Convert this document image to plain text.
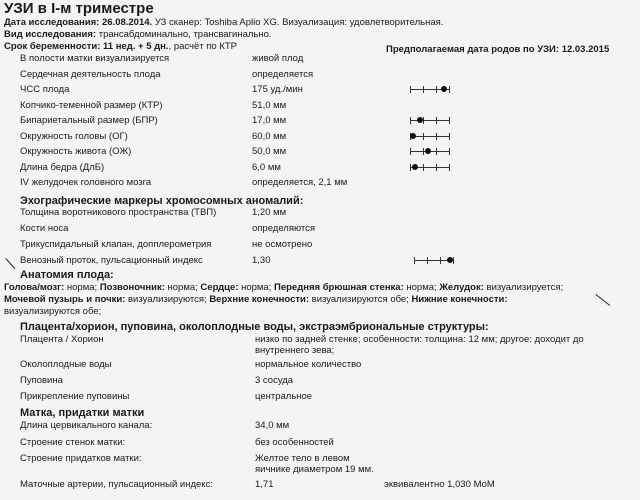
УЗИ в I-м триместре
Дата исследования: 26.08.2014. УЗ сканер: Toshiba Aplio XG. Визуализация: удовлетворительная.
Вид исследования: трансабдоминально, трансвагинально.
Срок беременности: 11 нед. + 5 дн., расчёт по КТР	Предполагаемая дата родов по УЗИ: 12.03.2015
В полости матки визуализируется	живой плод
Сердечная деятельность плода	определяется
ЧСС плода	175 уд./мин
Копчико-теменной размер (КТР)	51,0 мм
Бипариетальный размер (БПР)	17,0 мм
Окружность головы (ОГ)	60,0 мм
Окружность живота (ОЖ)	50,0 мм
Длина бедра (ДлБ)	6,0 мм
IV желудочек головного мозга	определяется, 2,1 мм
Эхографические маркеры хромосомных аномалий:
Толщина воротникового пространства (ТВП)	1,20 мм
Кости носа	определяются
Трикуспидальный клапан, допплерометрия	не осмотрено
Венозный проток, пульсационный индекс	1,30
Анатомия плода:
Голова/мозг: норма; Позвоночник: норма; Сердце: норма; Передняя брюшная стенка: норма; Желудок: визуализируется;
Мочевой пузырь и почки: визуализируются; Верхние конечности: визуализируются обе; Нижние конечности:
визуализируются обе;
Плацента/хорион, пуповина, околоплодные воды, экстраэмбриональные структуры:
Плацента / Хорион	низко по задней стенке; особенности: толщина: 12 мм; другое: доходит до
внутреннего зева;
Околоплодные воды	нормальное количество
Пуповина	3 сосуда
Прикрепление пуповины	центральное
Матка, придатки матки
Длина цервикального канала:	34,0 мм
Строение стенок матки:	без особенностей
Строение придатков матки:	Желтое тело в левом
яичнике диаметром 19 мм.
Маточные артерии, пульсационный индекс:	1,71	эквивалентно 1,030 МоМ
